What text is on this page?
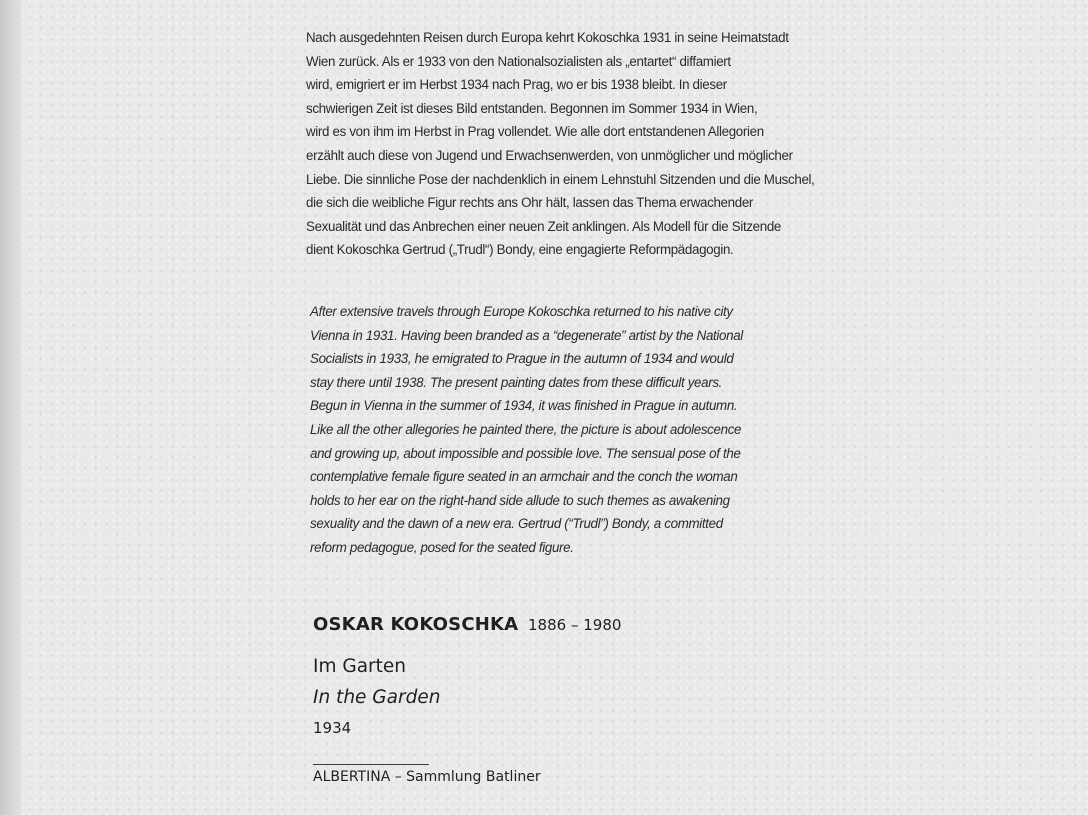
Nach ausgedehnten Reisen durch Europa kehrt Kokoschka 1931 in seine Heimatstadt
Wien zurück. Als er 1933 von den Nationalsozialisten als „entartet“ diffamiert
wird, emigriert er im Herbst 1934 nach Prag, wo er bis 1938 bleibt. In dieser
schwierigen Zeit ist dieses Bild entstanden. Begonnen im Sommer 1934 in Wien,
wird es von ihm im Herbst in Prag vollendet. Wie alle dort entstandenen Allegorien
erzählt auch diese von Jugend und Erwachsenwerden, von unmöglicher und möglicher
Liebe. Die sinnliche Pose der nachdenklich in einem Lehnstuhl Sitzenden und die Muschel,
die sich die weibliche Figur rechts ans Ohr hält, lassen das Thema erwachender
Sexualität und das Anbrechen einer neuen Zeit anklingen. Als Modell für die Sitzende
dient Kokoschka Gertrud („Trudl“) Bondy, eine engagierte Reformpädagogin.
After extensive travels through Europe Kokoschka returned to his native city
Vienna in 1931. Having been branded as a “degenerate” artist by the National
Socialists in 1933, he emigrated to Prague in the autumn of 1934 and would
stay there until 1938. The present painting dates from these difficult years.
Begun in Vienna in the summer of 1934, it was finished in Prague in autumn.
Like all the other allegories he painted there, the picture is about adolescence
and growing up, about impossible and possible love. The sensual pose of the
contemplative female figure seated in an armchair and the conch the woman
holds to her ear on the right-hand side allude to such themes as awakening
sexuality and the dawn of a new era. Gertrud (“Trudl”) Bondy, a committed
reform pedagogue, posed for the seated figure.
OSKAR KOKOSCHKA 1886 – 1980
Im Garten
In the Garden
1934
ALBERTINA – Sammlung Batliner
